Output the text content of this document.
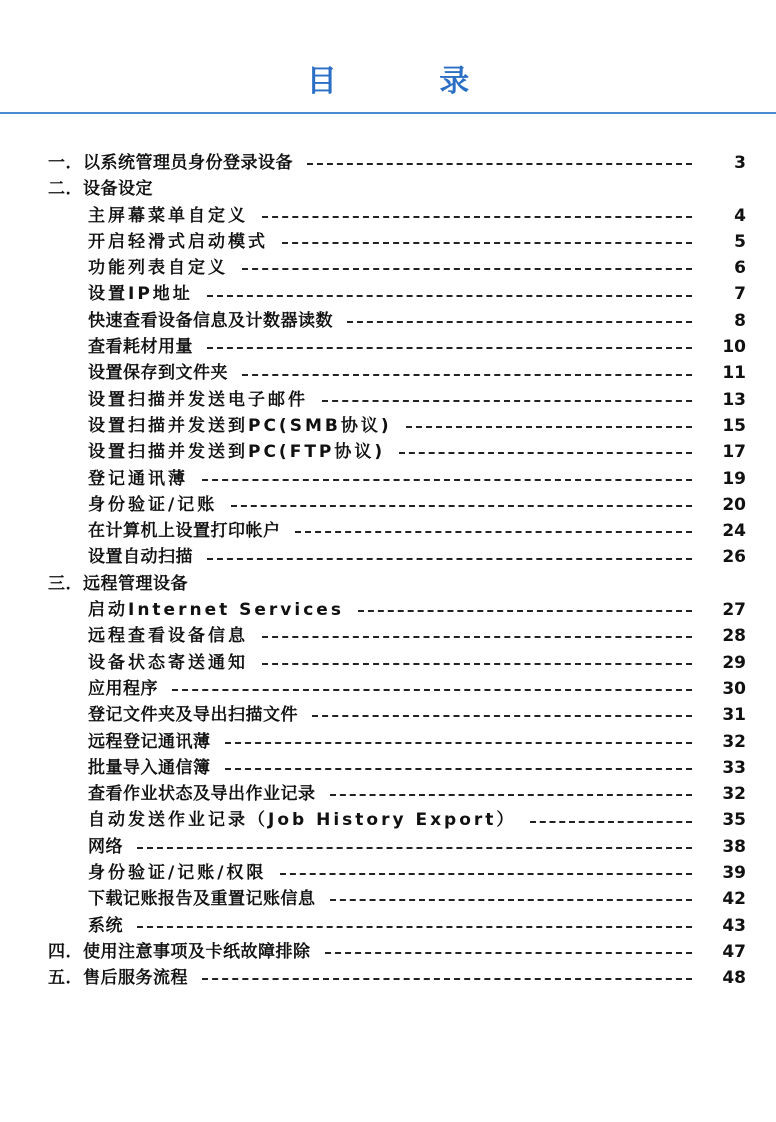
目 录
一．以系统管理员身份登录设备	3
二．设备设定
主屏幕菜单自定义	4
开启轻滑式启动模式	5
功能列表自定义	6
设置IP地址	7
快速查看设备信息及计数器读数	8
查看耗材用量	10
设置保存到文件夹	11
设置扫描并发送电子邮件	13
设置扫描并发送到PC(SMB协议)	15
设置扫描并发送到PC(FTP协议)	17
登记通讯薄	19
身份验证/记账	20
在计算机上设置打印帐户	24
设置自动扫描	26
三．远程管理设备
启动Internet Services	27
远程查看设备信息	28
设备状态寄送通知	29
应用程序	30
登记文件夹及导出扫描文件	31
远程登记通讯薄	32
批量导入通信簿	33
查看作业状态及导出作业记录	32
自动发送作业记录（Job History Export）	35
网络	38
身份验证/记账/权限	39
下载记账报告及重置记账信息	42
系统	43
四．使用注意事项及卡纸故障排除	47
五．售后服务流程	48
